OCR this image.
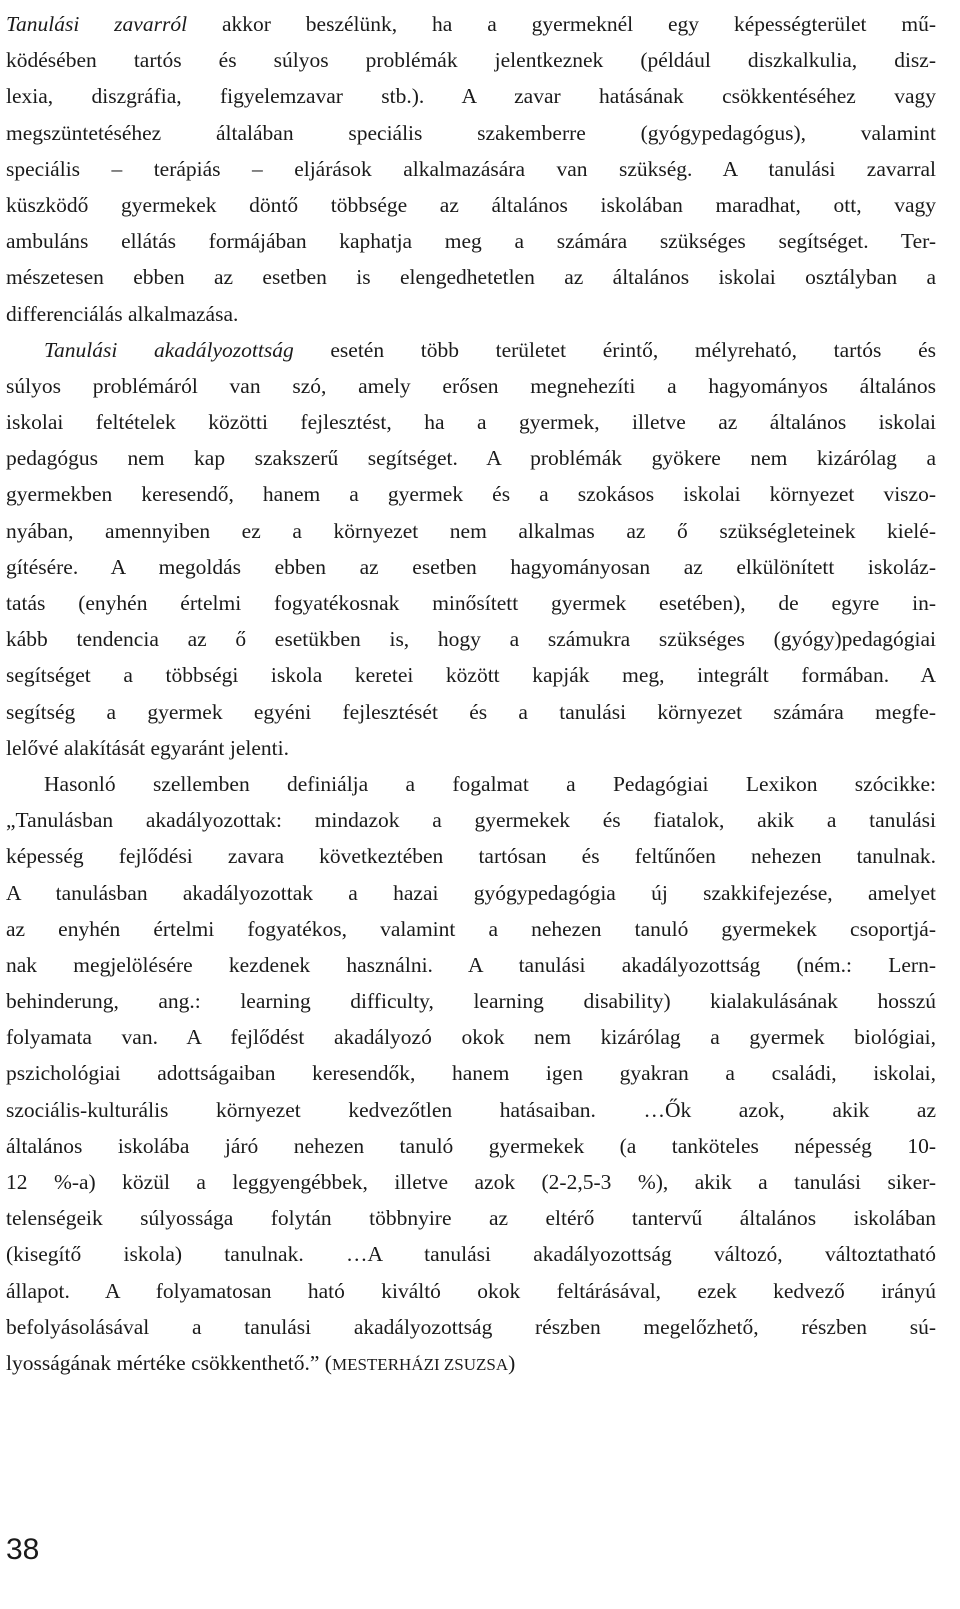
Tanulási zavarról akkor beszélünk, ha a gyermeknél egy képességterület mű-
ködésében tartós és súlyos problémák jelentkeznek (például diszkalkulia, disz-
lexia, diszgráfia, figyelemzavar stb.). A zavar hatásának csökkentéséhez vagy
megszüntetéséhez általában speciális szakemberre (gyógypedagógus), valamint
speciális – terápiás – eljárások alkalmazására van szükség. A tanulási zavarral
küszködő gyermekek döntő többsége az általános iskolában maradhat, ott, vagy
ambuláns ellátás formájában kaphatja meg a számára szükséges segítséget. Ter-
mészetesen ebben az esetben is elengedhetetlen az általános iskolai osztályban a
differenciálás alkalmazása.
Tanulási akadályozottság esetén több területet érintő, mélyreható, tartós és
súlyos problémáról van szó, amely erősen megnehezíti a hagyományos általános
iskolai feltételek közötti fejlesztést, ha a gyermek, illetve az általános iskolai
pedagógus nem kap szakszerű segítséget. A problémák gyökere nem kizárólag a
gyermekben keresendő, hanem a gyermek és a szokásos iskolai környezet viszo-
nyában, amennyiben ez a környezet nem alkalmas az ő szükségleteinek kielé-
gítésére. A megoldás ebben az esetben hagyományosan az elkülönített iskoláz-
tatás (enyhén értelmi fogyatékosnak minősített gyermek esetében), de egyre in-
kább tendencia az ő esetükben is, hogy a számukra szükséges (gyógy)pedagógiai
segítséget a többségi iskola keretei között kapják meg, integrált formában. A
segítség a gyermek egyéni fejlesztését és a tanulási környezet számára megfe-
lelővé alakítását egyaránt jelenti.
Hasonló szellemben definiálja a fogalmat a Pedagógiai Lexikon szócikke:
„Tanulásban akadályozottak: mindazok a gyermekek és fiatalok, akik a tanulási
képesség fejlődési zavara következtében tartósan és feltűnően nehezen tanulnak.
A tanulásban akadályozottak a hazai gyógypedagógia új szakkifejezése, amelyet
az enyhén értelmi fogyatékos, valamint a nehezen tanuló gyermekek csoportjá-
nak megjelölésére kezdenek használni. A tanulási akadályozottság (ném.: Lern-
behinderung, ang.: learning difficulty, learning disability) kialakulásának hosszú
folyamata van. A fejlődést akadályozó okok nem kizárólag a gyermek biológiai,
pszichológiai adottságaiban keresendők, hanem igen gyakran a családi, iskolai,
szociális-kulturális környezet kedvezőtlen hatásaiban. …Ők azok, akik az
általános iskolába járó nehezen tanuló gyermekek (a tanköteles népesség 10-
12 %-a) közül a leggyengébbek, illetve azok (2-2,5-3 %), akik a tanulási siker-
telenségeik súlyossága folytán többnyire az eltérő tantervű általános iskolában
(kisegítő iskola) tanulnak. …A tanulási akadályozottság változó, változtatható
állapot. A folyamatosan ható kiváltó okok feltárásával, ezek kedvező irányú
befolyásolásával a tanulási akadályozottság részben megelőzhető, részben sú-
lyosságának mértéke csökkenthető.” (MESTERHÁZI ZSUZSA)
38
